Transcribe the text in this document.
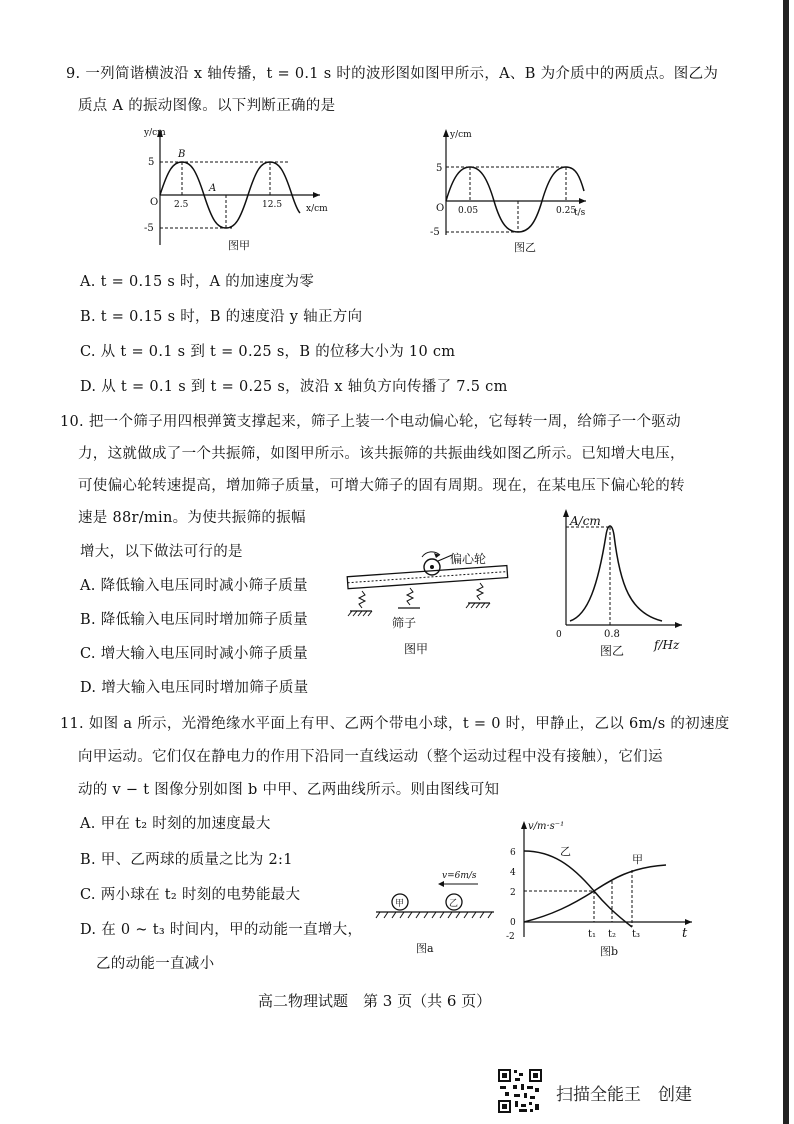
9. 一列简谐横波沿 x 轴传播，t = 0.1 s 时的波形图如图甲所示，A、B 为介质中的两质点。图乙为
质点 A 的振动图像。以下判断正确的是
y/cm
x/cm
O
5
-5
2.5	12.5
B
A
图甲
y/cm
t/s
O
5
-5
0.05	0.25
图乙
A. t = 0.15 s 时，A 的加速度为零
B. t = 0.15 s 时，B 的速度沿 y 轴正方向
C. 从 t = 0.1 s 到 t = 0.25 s，B 的位移大小为 10 cm
D. 从 t = 0.1 s 到 t = 0.25 s，波沿 x 轴负方向传播了 7.5 cm
10. 把一个筛子用四根弹簧支撑起来，筛子上装一个电动偏心轮，它每转一周，给筛子一个驱动
力，这就做成了一个共振筛，如图甲所示。该共振筛的共振曲线如图乙所示。已知增大电压，
可使偏心轮转速提高，增加筛子质量，可增大筛子的固有周期。现在，在某电压下偏心轮的转
速是 88r/min。为使共振筛的振幅
增大，以下做法可行的是
A. 降低输入电压同时减小筛子质量
B. 降低输入电压同时增加筛子质量
C. 增大输入电压同时减小筛子质量
D. 增大输入电压同时增加筛子质量
偏心轮
筛子
图甲
A/cm
0	0.8
f/Hz
图乙
11. 如图 a 所示，光滑绝缘水平面上有甲、乙两个带电小球，t = 0 时，甲静止，乙以 6m/s 的初速度
向甲运动。它们仅在静电力的作用下沿同一直线运动（整个运动过程中没有接触），它们运
动的 v − t 图像分别如图 b 中甲、乙两曲线所示。则由图线可知
A. 甲在 t₂ 时刻的加速度最大
B. 甲、乙两球的质量之比为 2:1
C. 两小球在 t₂ 时刻的电势能最大
D. 在 0 ~ t₃ 时间内，甲的动能一直增大，
乙的动能一直减小
甲	乙
v=6m/s
图a
v/m·s⁻¹
6
4
2
0
-2	t₁ t₂ t₃	t
乙
甲
图b
高二物理试题　第 3 页（共 6 页）
扫描全能王　创建
